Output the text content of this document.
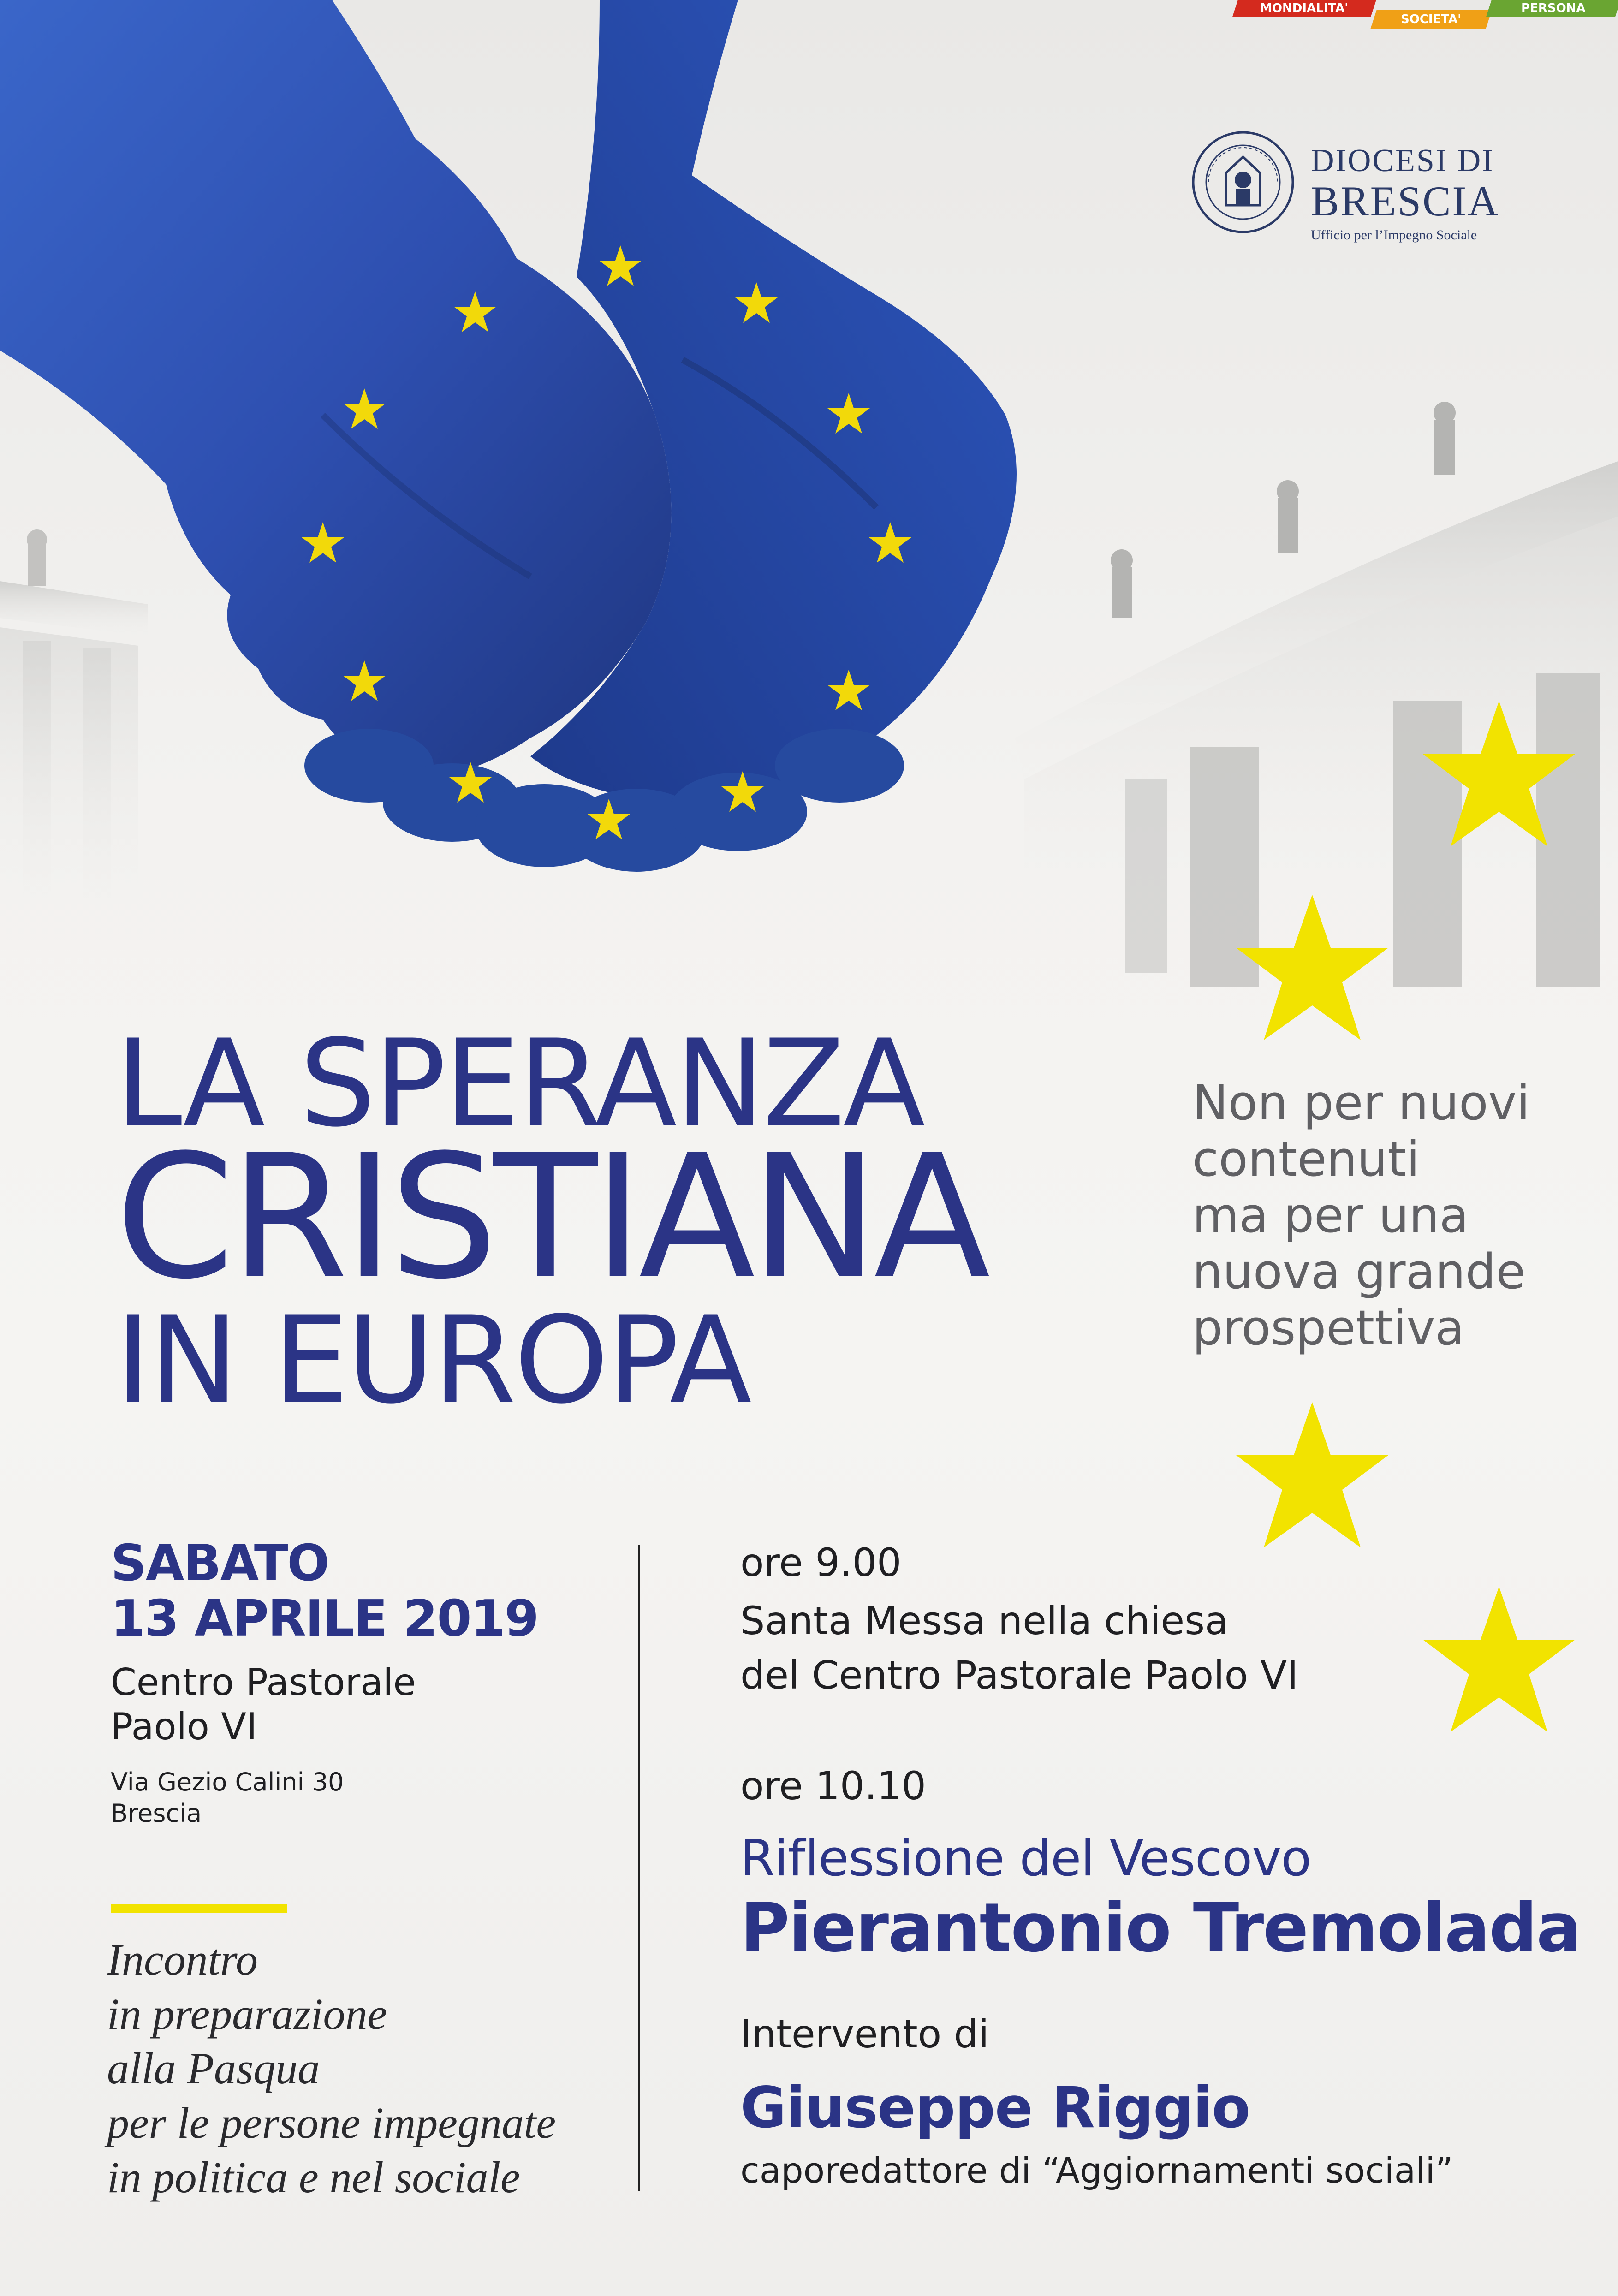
MONDIALITA'
SOCIETA'
PERSONA
DIOCESI DI
BRESCIA
Ufficio per l’Impegno Sociale
LA SPERANZA
CRISTIANA
IN EUROPA
Non per nuovi
contenuti
ma per una
nuova grande
prospettiva
SABATO
13 APRILE 2019
Centro Pastorale
Paolo VI
Via Gezio Calini 30
Brescia
Incontro
in preparazione
alla Pasqua
per le persone impegnate
in politica e nel sociale
ore 9.00
Santa Messa nella chiesa
del Centro Pastorale Paolo VI
ore 10.10
Riflessione del Vescovo
Pierantonio Tremolada
Intervento di
Giuseppe Riggio
caporedattore di “Aggiornamenti sociali”
